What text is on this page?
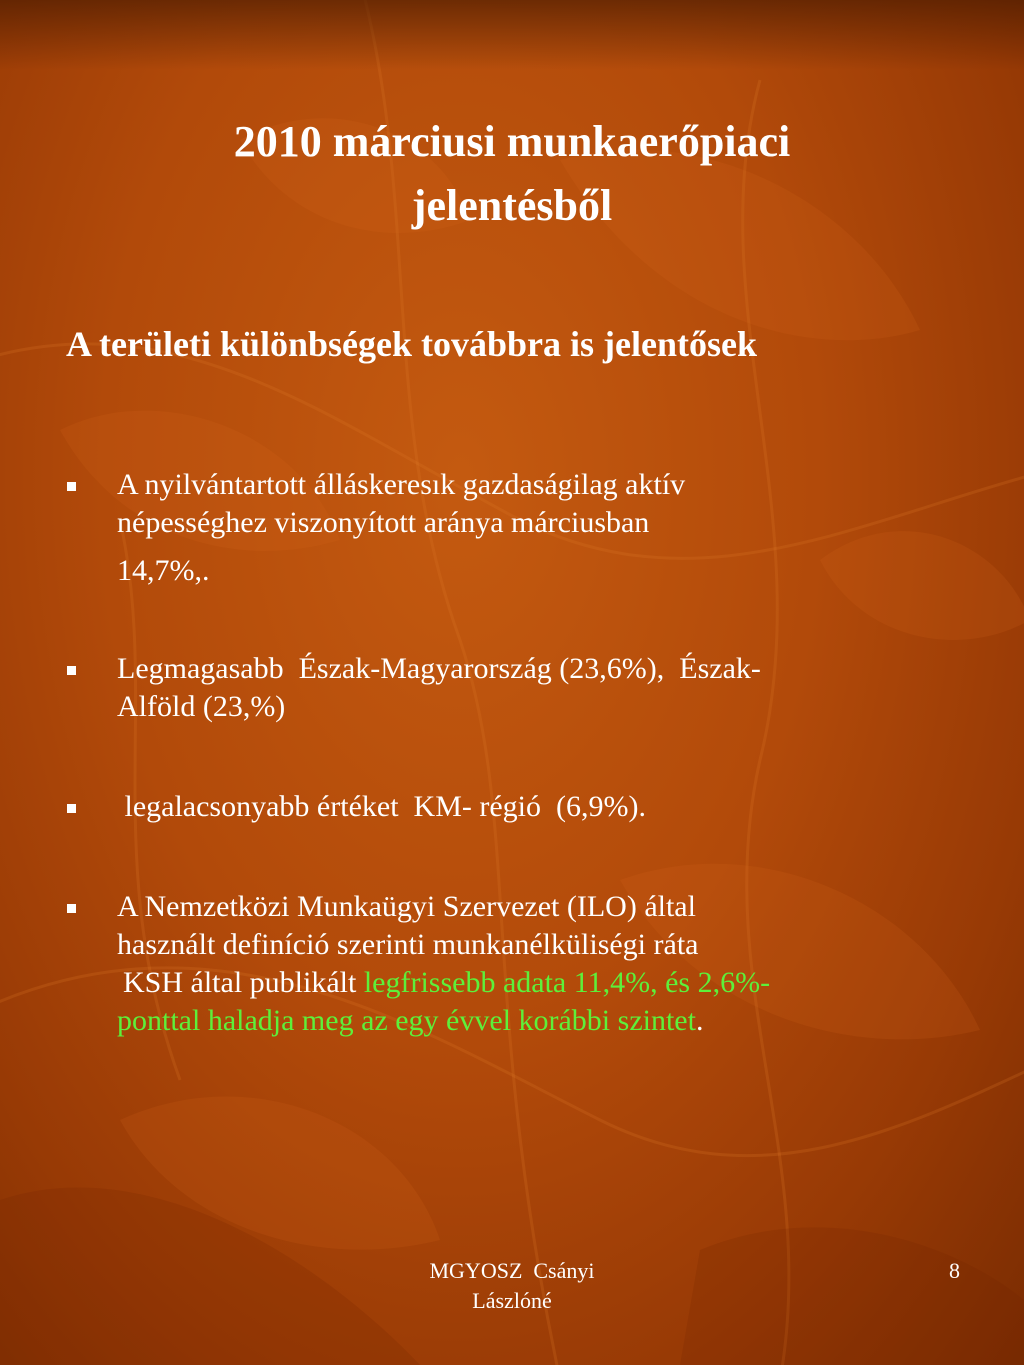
2010 márciusi munkaerőpiaci
jelentésből
A területi különbségek továbbra is jelentősek
A nyilvántartott álláskeresık gazdaságilag aktív
népességhez viszonyított aránya márciusban
14,7%,.
Legmagasabb  Észak-Magyarország (23,6%),  Észak-
Alföld (23,%)
legalacsonyabb értéket  KM- régió  (6,9%).
A Nemzetközi Munkaügyi Szervezet (ILO) által
használt definíció szerinti munkanélküliségi ráta
KSH által publikált legfrissebb adata 11,4%, és 2,6%-
ponttal haladja meg az egy évvel korábbi szintet.
MGYOSZ  Csányi
Lászlóné
8
